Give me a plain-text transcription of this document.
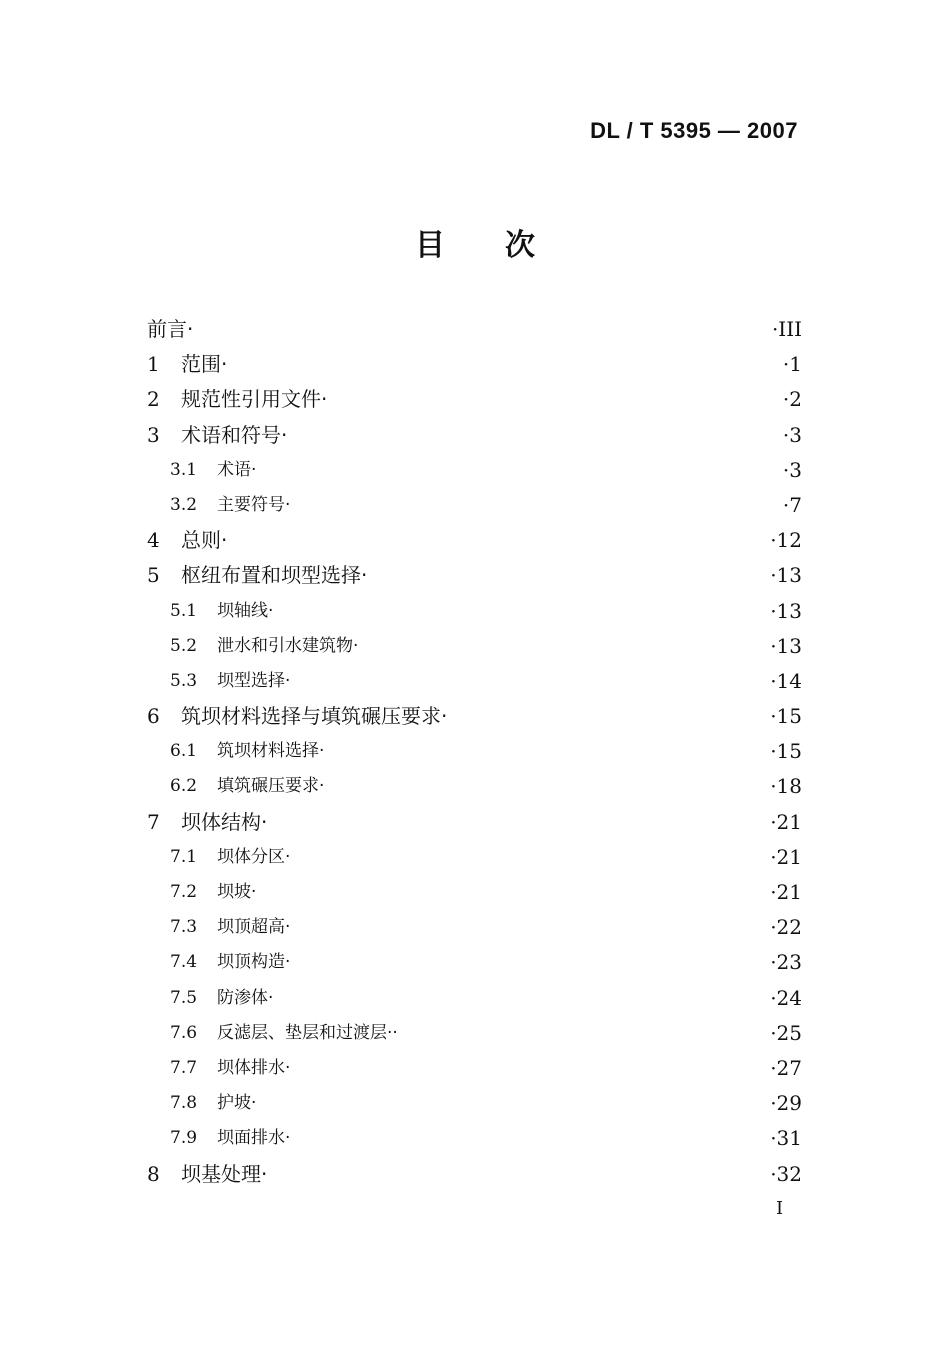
DL / T 5395 — 2007
目次
前言·	·III
1 范围·	·1
2 规范性引用文件·	·2
3 术语和符号·	·3
3.1 术语·	·3
3.2 主要符号·	·7
4 总则·	·12
5 枢纽布置和坝型选择·	·13
5.1 坝轴线·	·13
5.2 泄水和引水建筑物·	·13
5.3 坝型选择·	·14
6 筑坝材料选择与填筑碾压要求·	·15
6.1 筑坝材料选择·	·15
6.2 填筑碾压要求·	·18
7 坝体结构·	·21
7.1 坝体分区·	·21
7.2 坝坡·	·21
7.3 坝顶超高·	·22
7.4 坝顶构造·	·23
7.5 防渗体·	·24
7.6 反滤层、垫层和过渡层··	·25
7.7 坝体排水·	·27
7.8 护坡·	·29
7.9 坝面排水·	·31
8 坝基处理·	·32
I
